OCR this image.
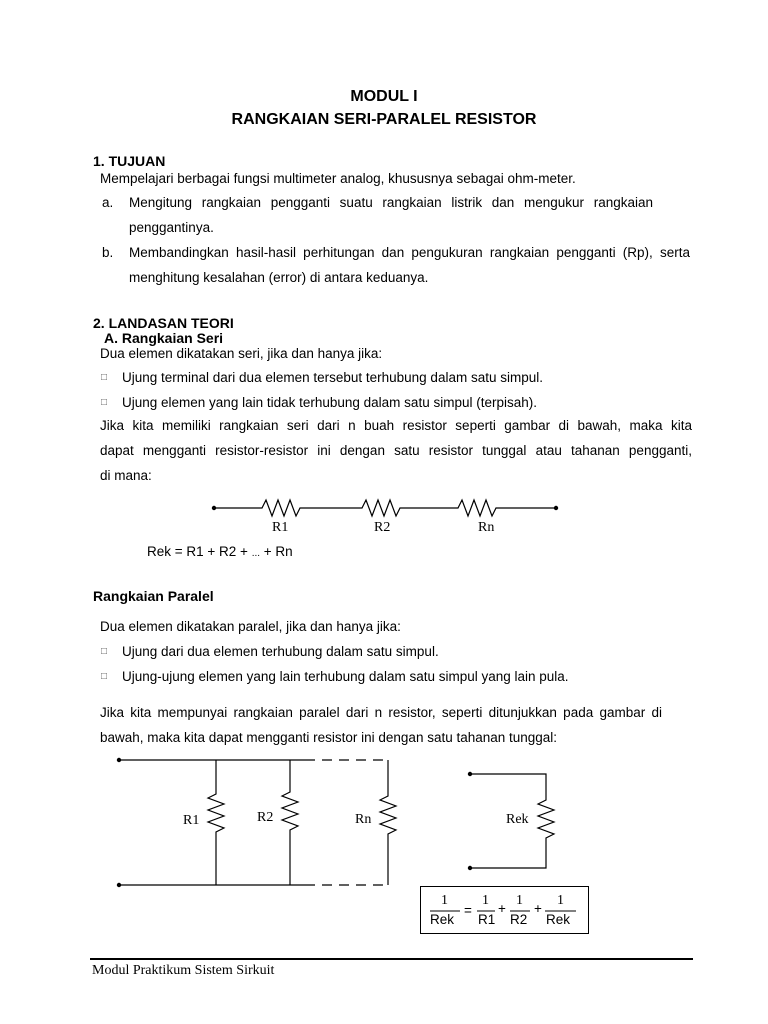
MODUL I
RANGKAIAN SERI-PARALEL RESISTOR
1. TUJUAN
Mempelajari berbagai fungsi multimeter analog, khususnya sebagai ohm-meter.
a. Mengitung rangkaian pengganti suatu rangkaian listrik dan mengukur rangkaian
penggantinya.
b. Membandingkan hasil-hasil perhitungan dan pengukuran rangkaian pengganti (Rp), serta
menghitung kesalahan (error) di antara keduanya.
2. LANDASAN TEORI
A. Rangkaian Seri
Dua elemen dikatakan seri, jika dan hanya jika:
□ Ujung terminal dari dua elemen tersebut terhubung dalam satu simpul.
□ Ujung elemen yang lain tidak terhubung dalam satu simpul (terpisah).
Jika kita memiliki rangkaian seri dari n buah resistor seperti gambar di bawah, maka kita
dapat mengganti resistor-resistor ini dengan satu resistor tunggal atau tahanan pengganti,
di mana:
R1	R2	Rn
Rek = R1 + R2 + ... + Rn
Rangkaian Paralel
Dua elemen dikatakan paralel, jika dan hanya jika:
□ Ujung dari dua elemen terhubung dalam satu simpul.
□ Ujung-ujung elemen yang lain terhubung dalam satu simpul yang lain pula.
Jika kita mempunyai rangkaian paralel dari n resistor, seperti ditunjukkan pada gambar di
bawah, maka kita dapat mengganti resistor ini dengan satu tahanan tunggal:
R1	R2	Rn	Rek
1
Rek
=
1
R1
+
1
R2
+
1
Rek
Modul Praktikum Sistem Sirkuit
